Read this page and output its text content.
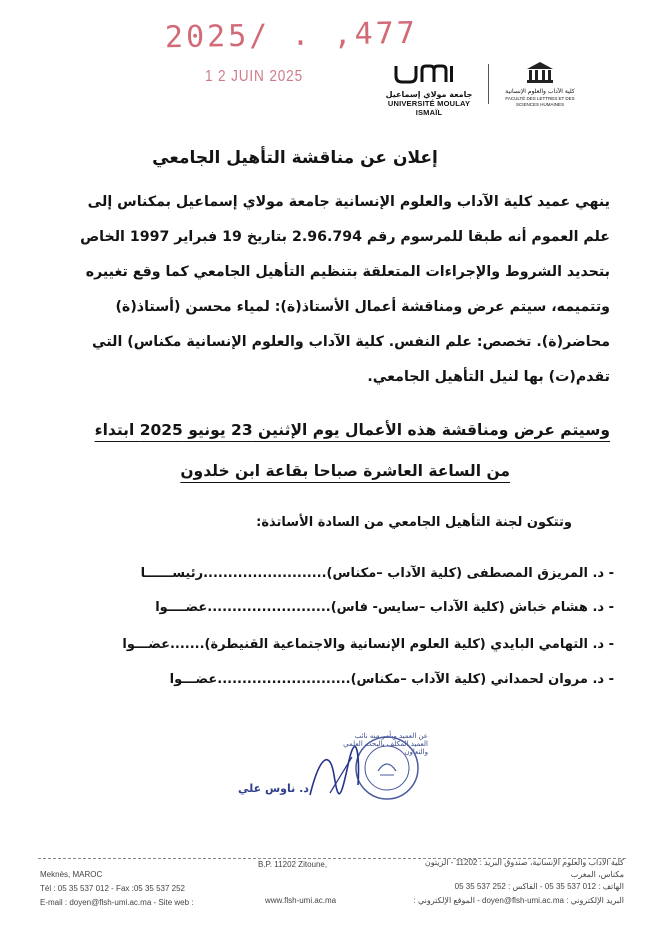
2025/ . ,477
1 2 JUIN 2025
جامعة مولاي إسماعيل
UNIVERSITÉ MOULAY ISMAÏL
كلية الآداب والعلوم الإنسانية
FACULTÉ DES LETTRES ET DES SCIENCES HUMAINES
إعلان عن مناقشة التأهيل الجامعي

ينهي عميد كلية الآداب والعلوم الإنسانية جامعة مولاي إسماعيل بمكناس إلى

علم العموم أنه طبقا للمرسوم رقم 2.96.794 بتاريخ 19 فبراير 1997 الخاص

بتحديد الشروط والإجراءات المتعلقة بتنظيم التأهيل الجامعي كما وقع تغييره

وتتميمه، سيتم عرض ومناقشة أعمال الأستاذ(ة): لمياء محسن (أستاذ(ة)

محاضر(ة). تخصص: علم النفس. كلية الآداب والعلوم الإنسانية مكناس) التي

تقدم(ت) بها لنيل التأهيل الجامعي.

وسيتم عرض ومناقشة هذه الأعمال يوم الإثنين 23 يونيو 2025 ابتداء
من الساعة العاشرة صباحا بقاعة ابن خلدون
وتتكون لجنة التأهيل الجامعي من السادة الأساتذة:
- د. المريزق المصطفى (كلية الآداب –مكناس).........................رئيســــــا
- د. هشام خباش (كلية الآداب –سايس- فاس).........................عضــــوا
- د. التهامي البايدي (كلية العلوم الإنسانية والاجتماعية القنيطرة).......عضـــوا
- د. مروان لحمداني (كلية الآداب –مكناس)...........................عضـــوا
عن العميد وبأمر منه نائب العميد المكلف بالبحث العلمي والتعاون
د. ناوس علي
Meknès, MAROC
Tél : 05 35 537 012 - Fax :05 35 537 252
E-mail : doyen@flsh-umi.ac.ma - Site web :
B.P. 11202 Zitoune,
www.flsh-umi.ac.ma
كلية الآداب والعلوم الإنسانية، صندوق البريد : 11202 - الزيتون
مكناس، المغرب
الهاتف : 012 537 35 05 - الفاكس : 252 537 35 05
البريد الإلكتروني : doyen@flsh-umi.ac.ma - الموقع الإلكتروني :
